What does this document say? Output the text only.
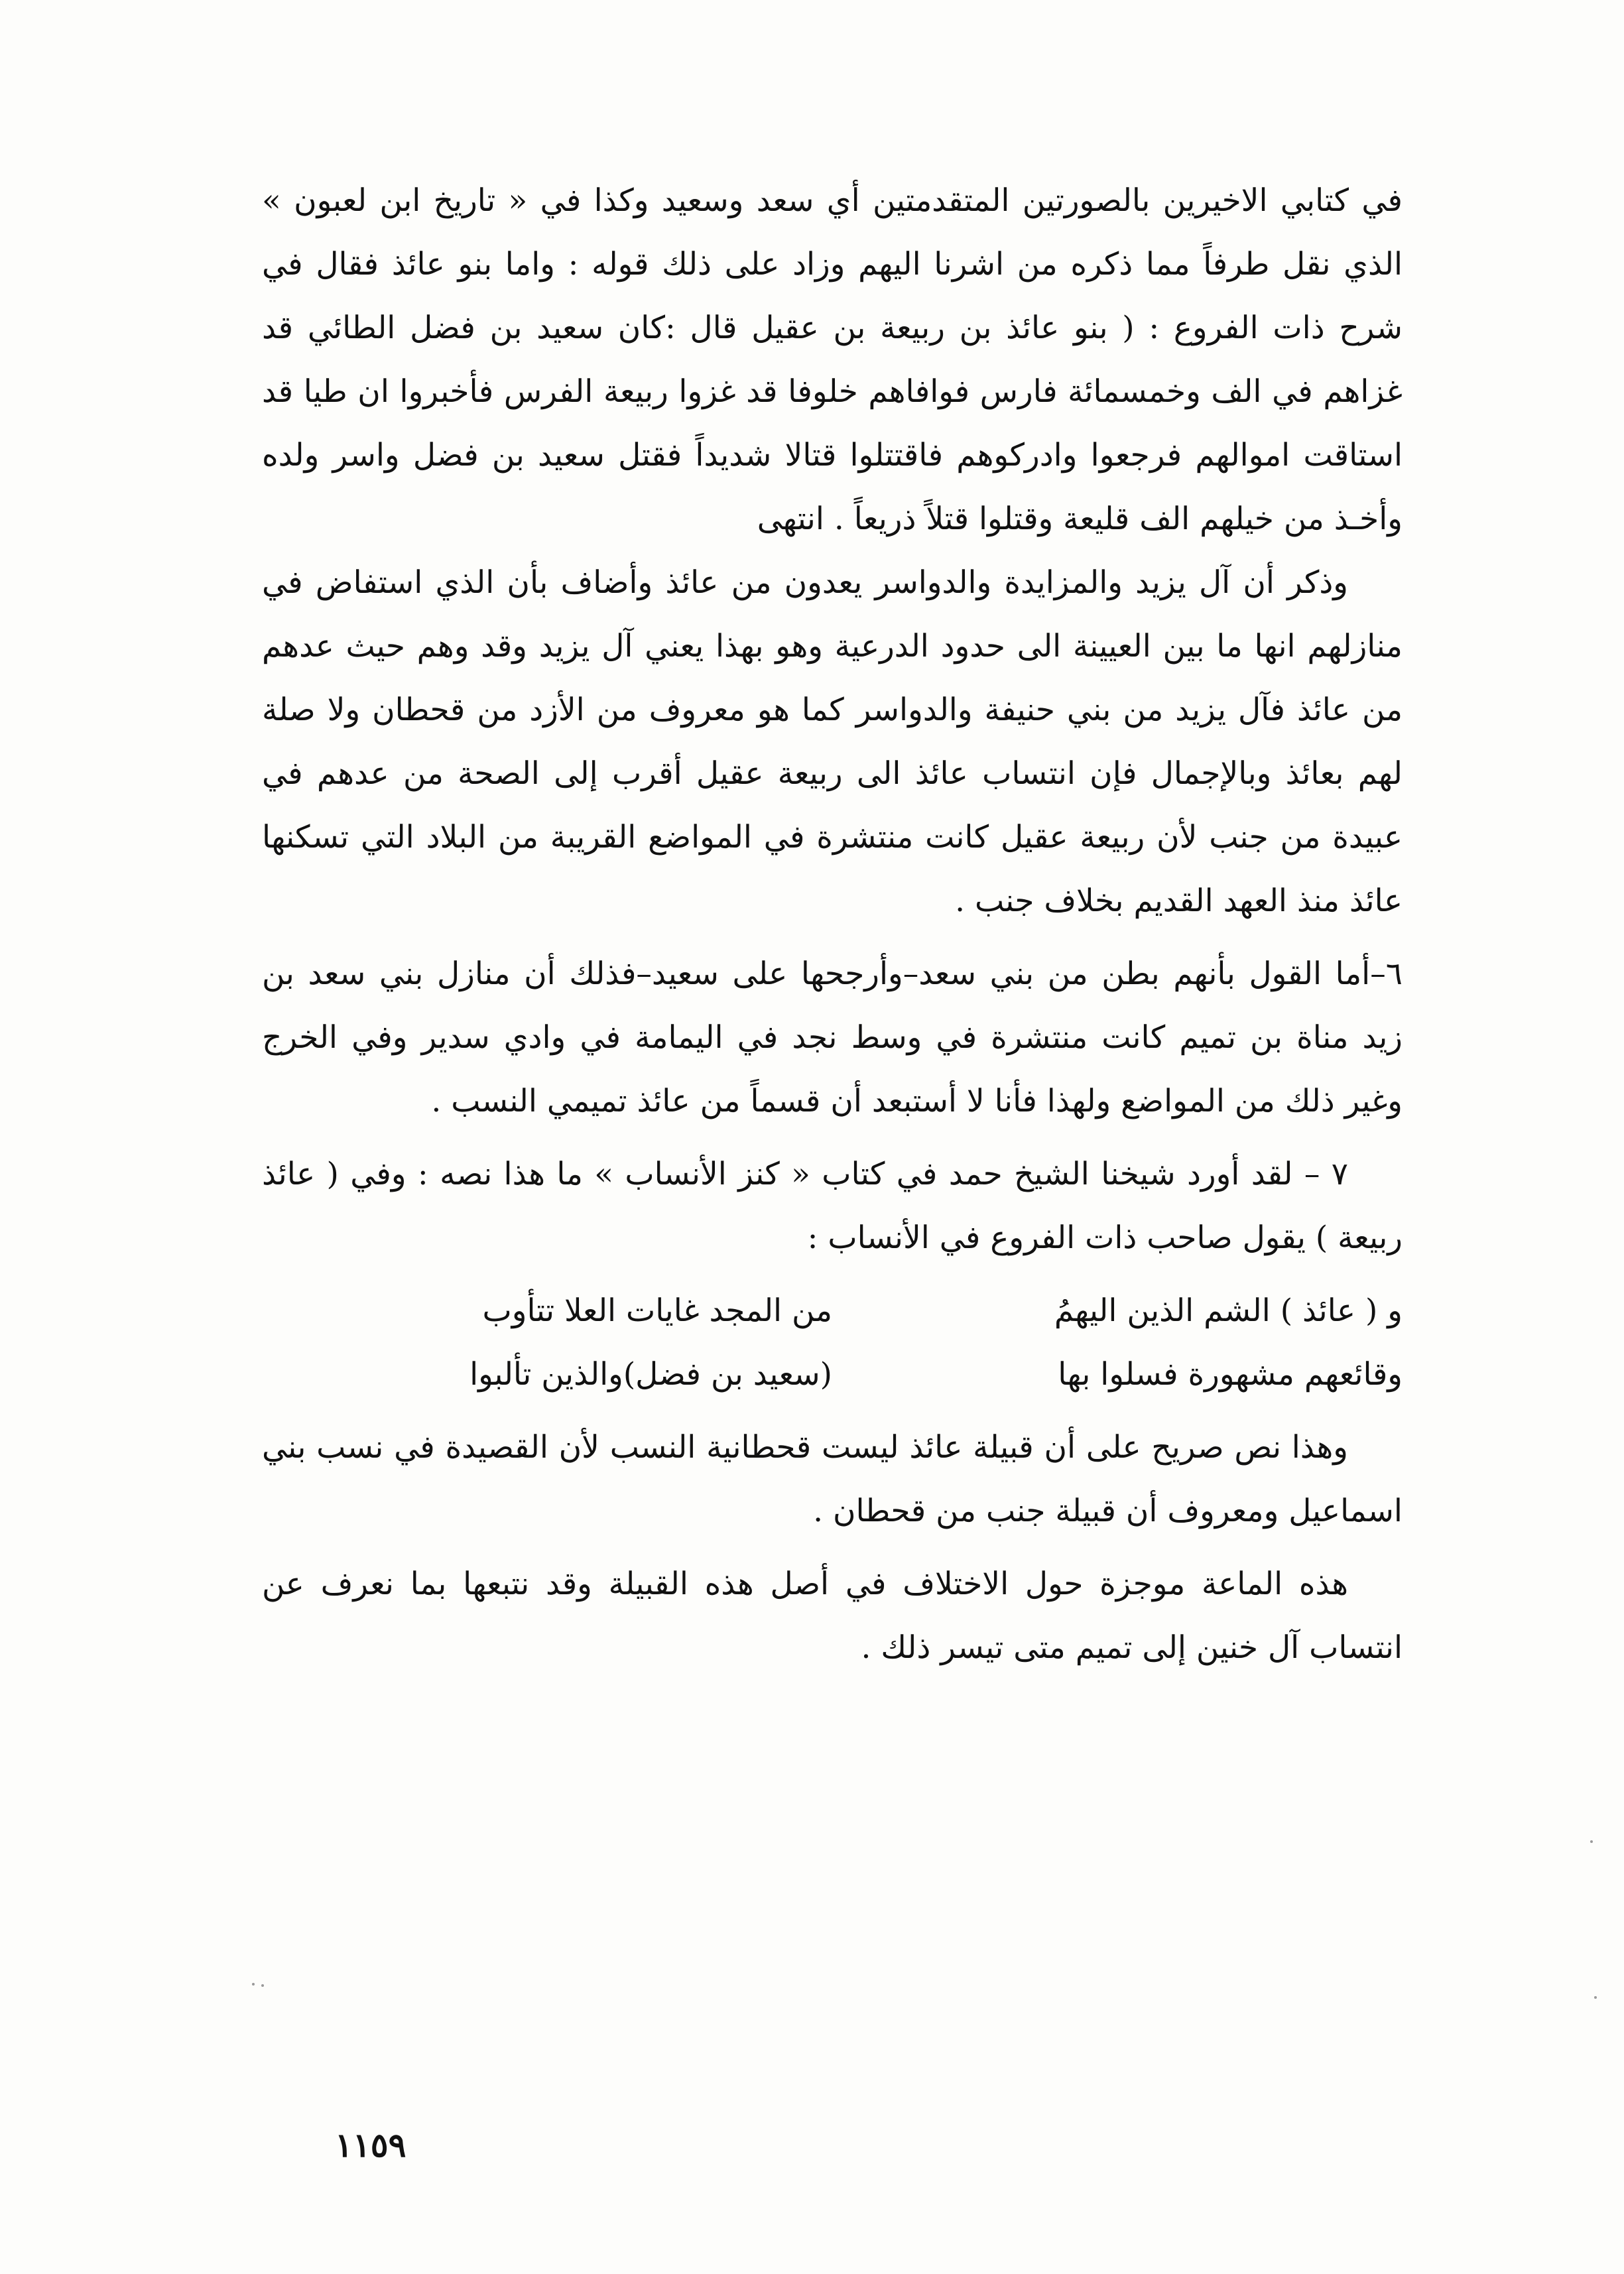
في كتابي الاخيرين بالصورتين المتقدمتين أي سعد وسعيد وكذا في « تاريخ ابن لعبون » الذي نقل طرفاً مما ذكره من اشرنا اليهم وزاد على ذلك قوله : واما بنو عائذ فقال في شرح ذات الفروع : ( بنو عائذ بن ربيعة بن عقيل قال :كان سعيد بن فضل الطائي قد غزاهم في الف وخمسمائة فارس فوافاهم خلوفا قد غزوا ربيعة الفرس فأخبروا ان طيا قد استاقت اموالهم فرجعوا وادركوهم فاقتتلوا قتالا شديداً فقتل سعيد بن فضل واسر ولده وأخـذ من خيلهم الف قليعة وقتلوا قتلاً ذريعاً . انتهى

وذكر أن آل يزيد والمزايدة والدواسر يعدون من عائذ وأضاف بأن الذي استفاض في منازلهم انها ما بين العيينة الى حدود الدرعية وهو بهذا يعني آل يزيد وقد وهم حيث عدهم من عائذ فآل يزيد من بني حنيفة والدواسر كما هو معروف من الأزد من قحطان ولا صلة لهم بعائذ وبالإجمال فإن انتساب عائذ الى ربيعة عقيل أقرب إلى الصحة من عدهم في عبيدة من جنب لأن ربيعة عقيل كانت منتشرة في المواضع القريبة من البلاد التي تسكنها عائذ منذ العهد القديم بخلاف جنب .

٦–أما القول بأنهم بطن من بني سعد–وأرجحها على سعيد–فذلك أن منازل بني سعد بن زيد مناة بن تميم كانت منتشرة في وسط نجد في اليمامة في وادي سدير وفي الخرج وغير ذلك من المواضع ولهذا فأنا لا أستبعد أن قسماً من عائذ تميمي النسب .

٧ – لقد أورد شيخنا الشيخ حمد في كتاب « كنز الأنساب » ما هذا نصه : وفي ( عائذ ربيعة ) يقول صاحب ذات الفروع في الأنساب :

و ( عائذ ) الشم الذين اليهمُ
من المجد غايات العلا تتأوب
وقائعهم مشهورة فسلوا بها
(سعيد بن فضل)والذين تألبوا

وهذا نص صريح على أن قبيلة عائذ ليست قحطانية النسب لأن القصيدة في نسب بني اسماعيل ومعروف أن قبيلة جنب من قحطان .

هذه الماعة موجزة حول الاختلاف في أصل هذه القبيلة وقد نتبعها بما نعرف عن انتساب آل خنين إلى تميم متى تيسر ذلك .

١١٥٩
